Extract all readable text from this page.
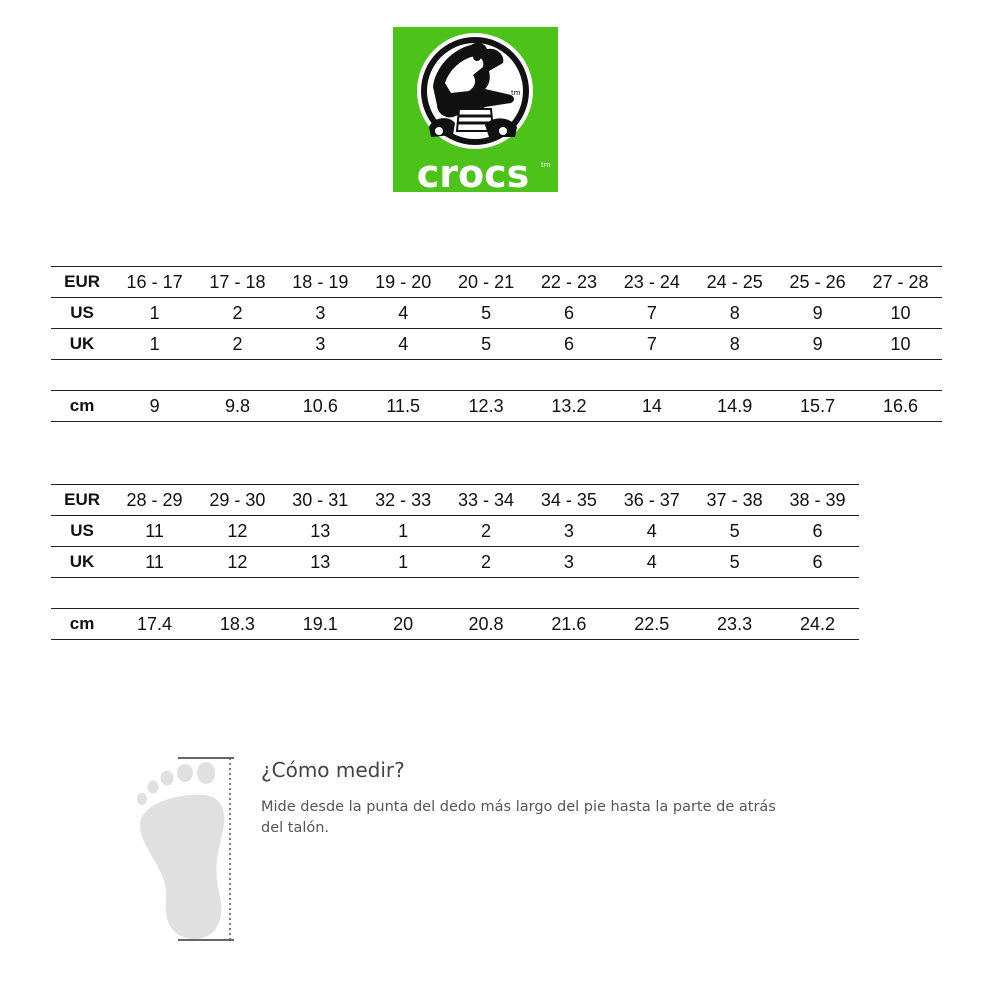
tm
crocs tm
EUR	16 - 17	17 - 18	18 - 19	19 - 20	20 - 21	22 - 23	23 - 24	24 - 25	25 - 26	27 - 28
US	1	2	3	4	5	6	7	8	9	10
UK	1	2	3	4	5	6	7	8	9	10

cm	9	9.8	10.6	11.5	12.3	13.2	14	14.9	15.7	16.6
EUR	28 - 29	29 - 30	30 - 31	32 - 33	33 - 34	34 - 35	36 - 37	37 - 38	38 - 39
US	11	12	13	1	2	3	4	5	6
UK	11	12	13	1	2	3	4	5	6

cm	17.4	18.3	19.1	20	20.8	21.6	22.5	23.3	24.2
¿Cómo medir?
Mide desde la punta del dedo más largo del pie hasta la parte de atrás del talón.
